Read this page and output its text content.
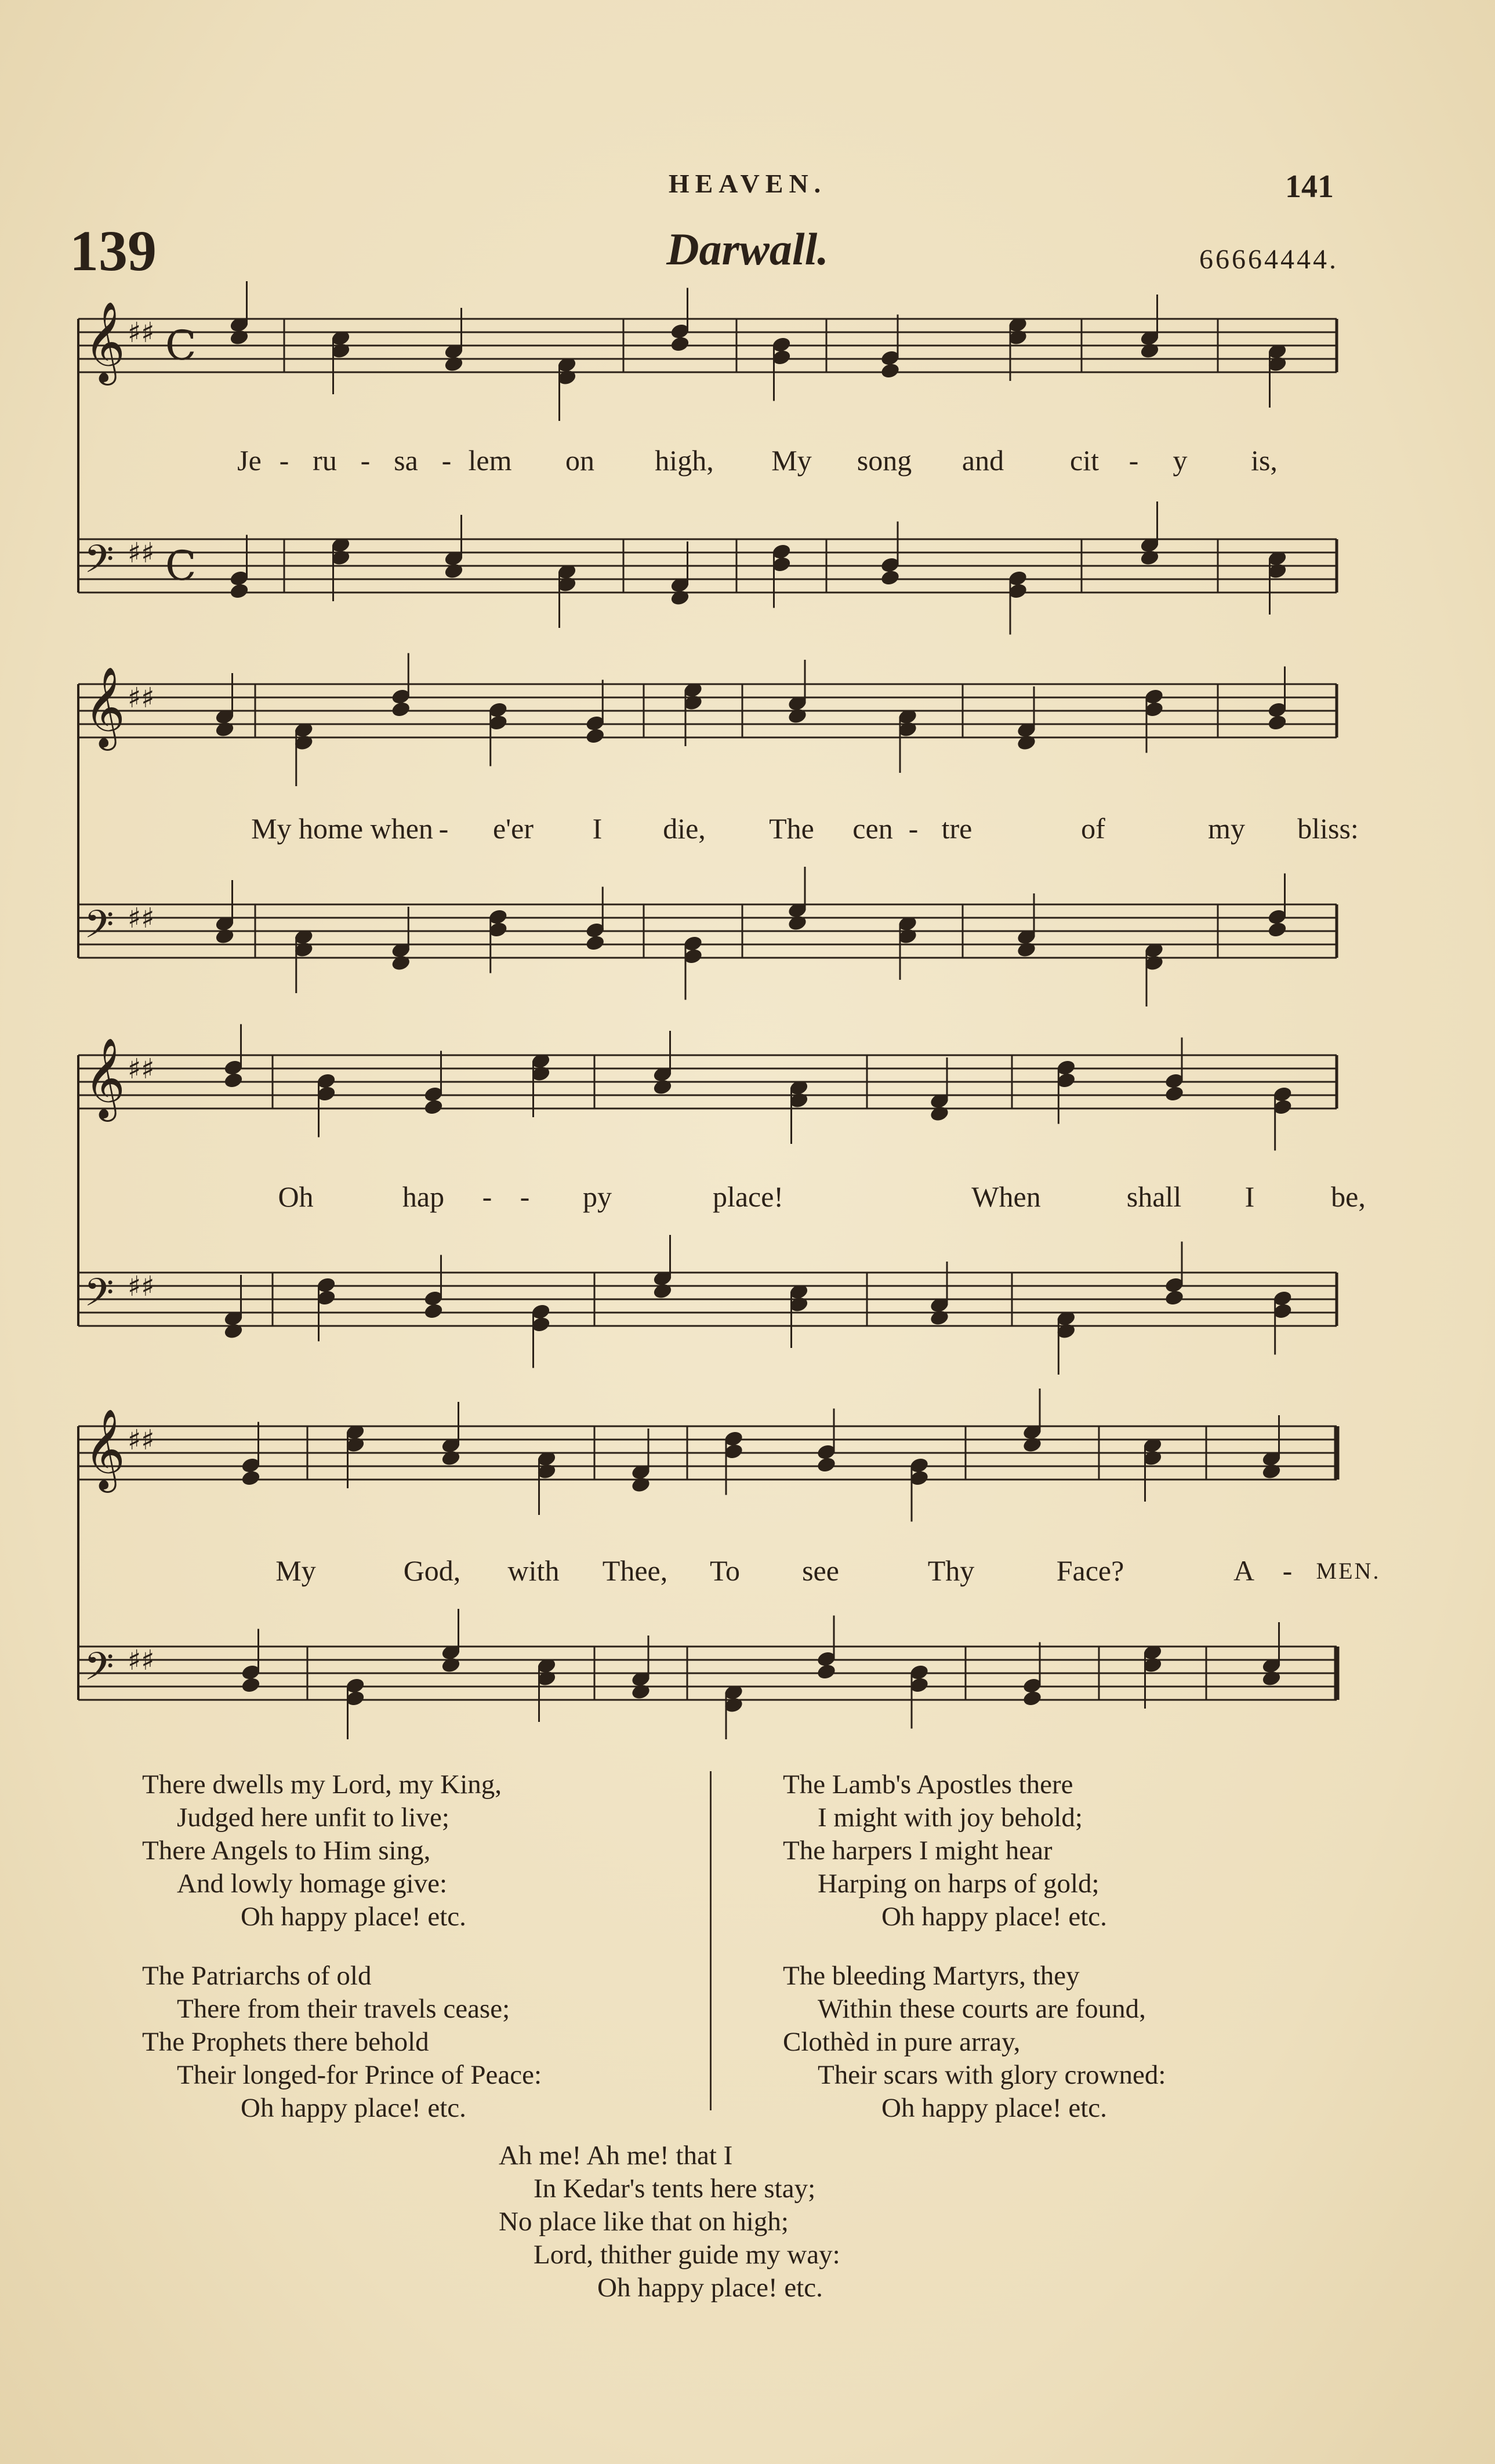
HEAVEN.	141
139	Darwall.	66664444.
𝄞 ♯♯ C
𝄢 ♯♯ C
𝄞 ♯♯
𝄢 ♯♯
𝄞 ♯♯
𝄢 ♯♯
𝄞 ♯♯
𝄢 ♯♯
Je - ru - sa - lem on high, My song and cit - y is,
My home when - e'er I die, The cen - tre	of	my bliss:
Oh	hap - - py	place!	When	shall I	be,
My	God, with Thee, To see	Thy	Face?	A - MEN.
There dwells my Lord, my King,
Judged here unfit to live;
There Angels to Him sing,
And lowly homage give:
Oh happy place! etc.
The Patriarchs of old
There from their travels cease;
The Prophets there behold
Their longed-for Prince of Peace:
Oh happy place! etc.
The Lamb's Apostles there
I might with joy behold;
The harpers I might hear
Harping on harps of gold;
Oh happy place! etc.
The bleeding Martyrs, they
Within these courts are found,
Clothèd in pure array,
Their scars with glory crowned:
Oh happy place! etc.
Ah me! Ah me! that I
In Kedar's tents here stay;
No place like that on high;
Lord, thither guide my way:
Oh happy place! etc.
